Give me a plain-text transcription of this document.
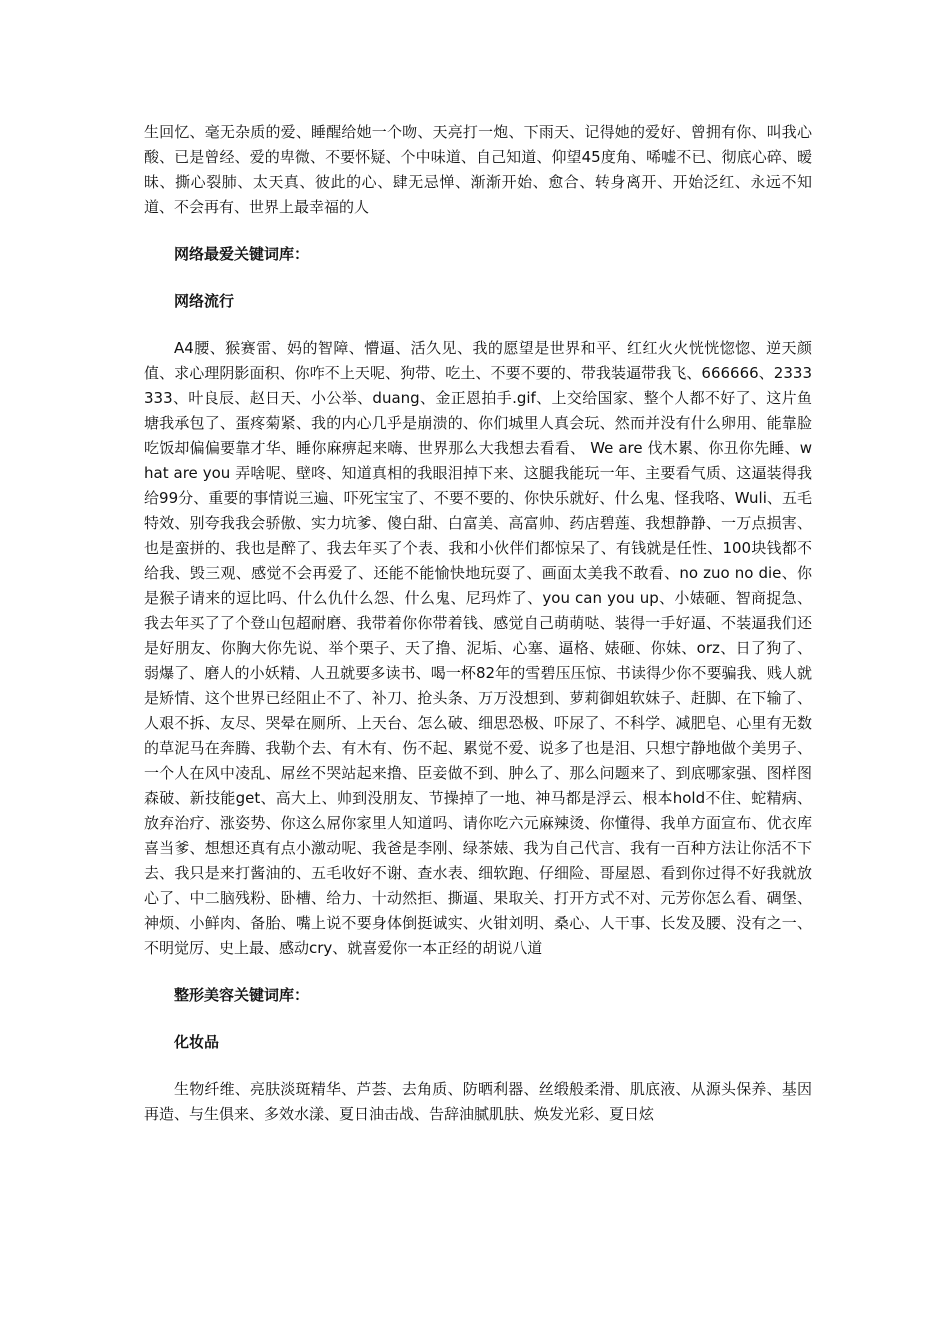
生回忆、毫无杂质的爱、睡醒给她一个吻、天亮打一炮、下雨天、记得她的爱好、曾拥有你、叫我心酸、已是曾经、爱的卑微、不要怀疑、个中味道、自己知道、仰望45度角、唏嘘不已、彻底心碎、暧昧、撕心裂肺、太天真、彼此的心、肆无忌惮、渐渐开始、愈合、转身离开、开始泛红、永远不知道、不会再有、世界上最幸福的人

网络最爱关键词库：
网络流行

A4腰、猴赛雷、妈的智障、懵逼、活久见、我的愿望是世界和平、红红火火恍恍惚惚、逆天颜值、求心理阴影面积、你咋不上天呢、狗带、吃土、不要不要的、带我装逼带我飞、666666、2333333、叶良辰、赵日天、小公举、duang、金正恩拍手.gif、上交给国家、整个人都不好了、这片鱼塘我承包了、蛋疼菊紧、我的内心几乎是崩溃的、你们城里人真会玩、然而并没有什么卵用、能靠脸吃饭却偏偏要靠才华、睡你麻痹起来嗨、世界那么大我想去看看、 We are 伐木累、你丑你先睡、what are you 弄啥呢、壁咚、知道真相的我眼泪掉下来、这腿我能玩一年、主要看气质、这逼装得我给99分、重要的事情说三遍、吓死宝宝了、不要不要的、你快乐就好、什么鬼、怪我咯、Wuli、五毛特效、别夸我我会骄傲、实力坑爹、傻白甜、白富美、高富帅、药店碧莲、我想静静、一万点损害、也是蛮拼的、我也是醉了、我去年买了个表、我和小伙伴们都惊呆了、有钱就是任性、100块钱都不给我、毁三观、感觉不会再爱了、还能不能愉快地玩耍了、画面太美我不敢看、no zuo no die、你是猴子请来的逗比吗、什么仇什么怨、什么鬼、尼玛炸了、you can you up、小婊砸、智商捉急、我去年买了了个登山包超耐磨、我带着你你带着钱、感觉自己萌萌哒、装得一手好逼、不装逼我们还是好朋友、你胸大你先说、举个栗子、天了撸、泥垢、心塞、逼格、婊砸、你妹、orz、日了狗了、弱爆了、磨人的小妖精、人丑就要多读书、喝一杯82年的雪碧压压惊、书读得少你不要骗我、贱人就是矫情、这个世界已经阻止不了、补刀、抢头条、万万没想到、萝莉御姐软妹子、赶脚、在下输了、人艰不拆、友尽、哭晕在厕所、上天台、怎么破、细思恐极、吓尿了、不科学、减肥皂、心里有无数的草泥马在奔腾、我勒个去、有木有、伤不起、累觉不爱、说多了也是泪、只想宁静地做个美男子、一个人在风中凌乱、屌丝不哭站起来撸、臣妾做不到、肿么了、那么问题来了、到底哪家强、图样图森破、新技能get、高大上、帅到没朋友、节操掉了一地、神马都是浮云、根本hold不住、蛇精病、放弃治疗、涨姿势、你这么屌你家里人知道吗、请你吃六元麻辣烫、你懂得、我单方面宣布、优衣库喜当爹、想想还真有点小激动呢、我爸是李刚、绿茶婊、我为自己代言、我有一百种方法让你活不下去、我只是来打酱油的、五毛收好不谢、查水表、细软跑、仔细险、哥屋恩、看到你过得不好我就放心了、中二脑残粉、卧槽、给力、十动然拒、撕逼、果取关、打开方式不对、元芳你怎么看、碉堡、神烦、小鲜肉、备胎、嘴上说不要身体倒挺诚实、火钳刘明、桑心、人干事、长发及腰、没有之一、不明觉厉、史上最、感动cry、就喜爱你一本正经的胡说八道

整形美容关键词库：
化妆品

生物纤维、亮肤淡斑精华、芦荟、去角质、防晒利器、丝缎般柔滑、肌底液、从源头保养、基因再造、与生俱来、多效水漾、夏日油击战、告辞油腻肌肤、焕发光彩、夏日炫
